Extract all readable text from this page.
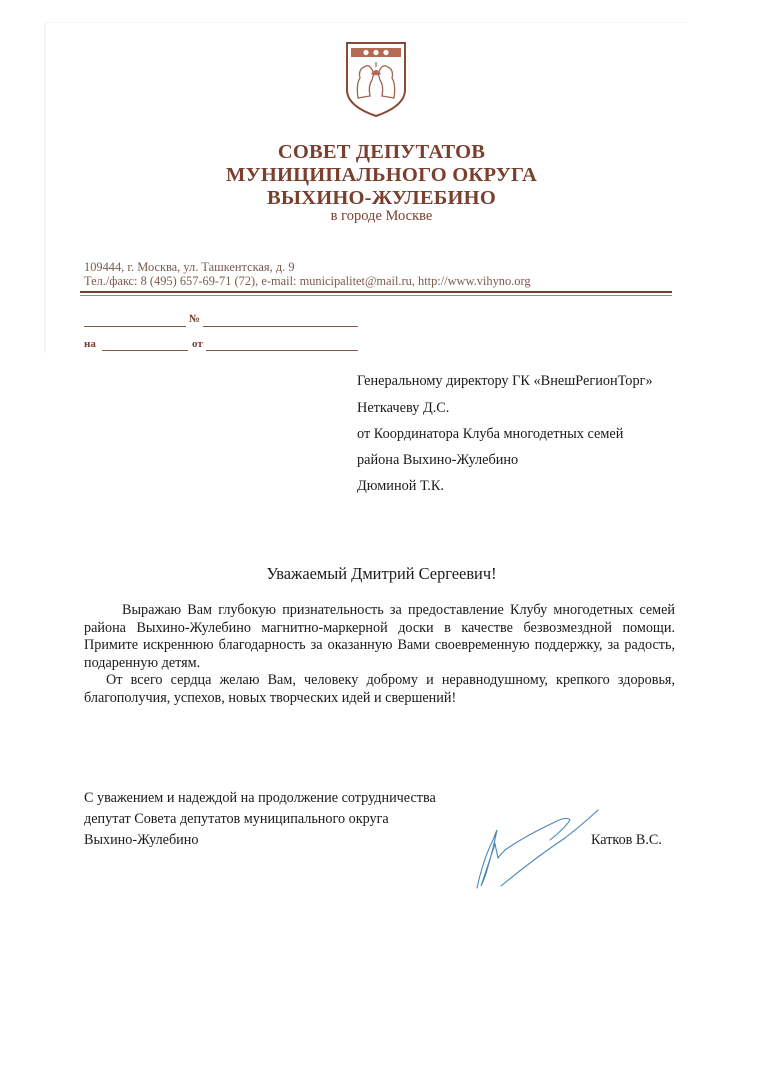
СОВЕТ ДЕПУТАТОВ
МУНИЦИПАЛЬНОГО ОКРУГА
ВЫХИНО-ЖУЛЕБИНО
в городе Москве
109444, г. Москва, ул. Ташкентская, д. 9
Тел./факс: 8 (495) 657-69-71 (72), e-mail: municipalitet@mail.ru, http://www.vihyno.org
№
на	от
Генеральному директору ГК «ВнешРегионТорг»
Неткачеву Д.С.
от Координатора Клуба многодетных семей
района Выхино-Жулебино
Дюминой Т.К.
Уважаемый Дмитрий Сергеевич!

Выражаю Вам глубокую признательность за предоставление Клубу многодетных семей района Выхино-Жулебино магнитно-маркерной доски в качестве безвозмездной помощи. Примите искреннюю благодарность за оказанную Вами своевременную поддержку, за радость, подаренную детям.

От всего сердца желаю Вам, человеку доброму и неравнодушному, крепкого здоровья, благополучия, успехов, новых творческих идей и свершений!

С уважением и надеждой на продолжение сотрудничества
депутат Совета депутатов муниципального округа
Выхино-Жулебино	Катков В.С.
